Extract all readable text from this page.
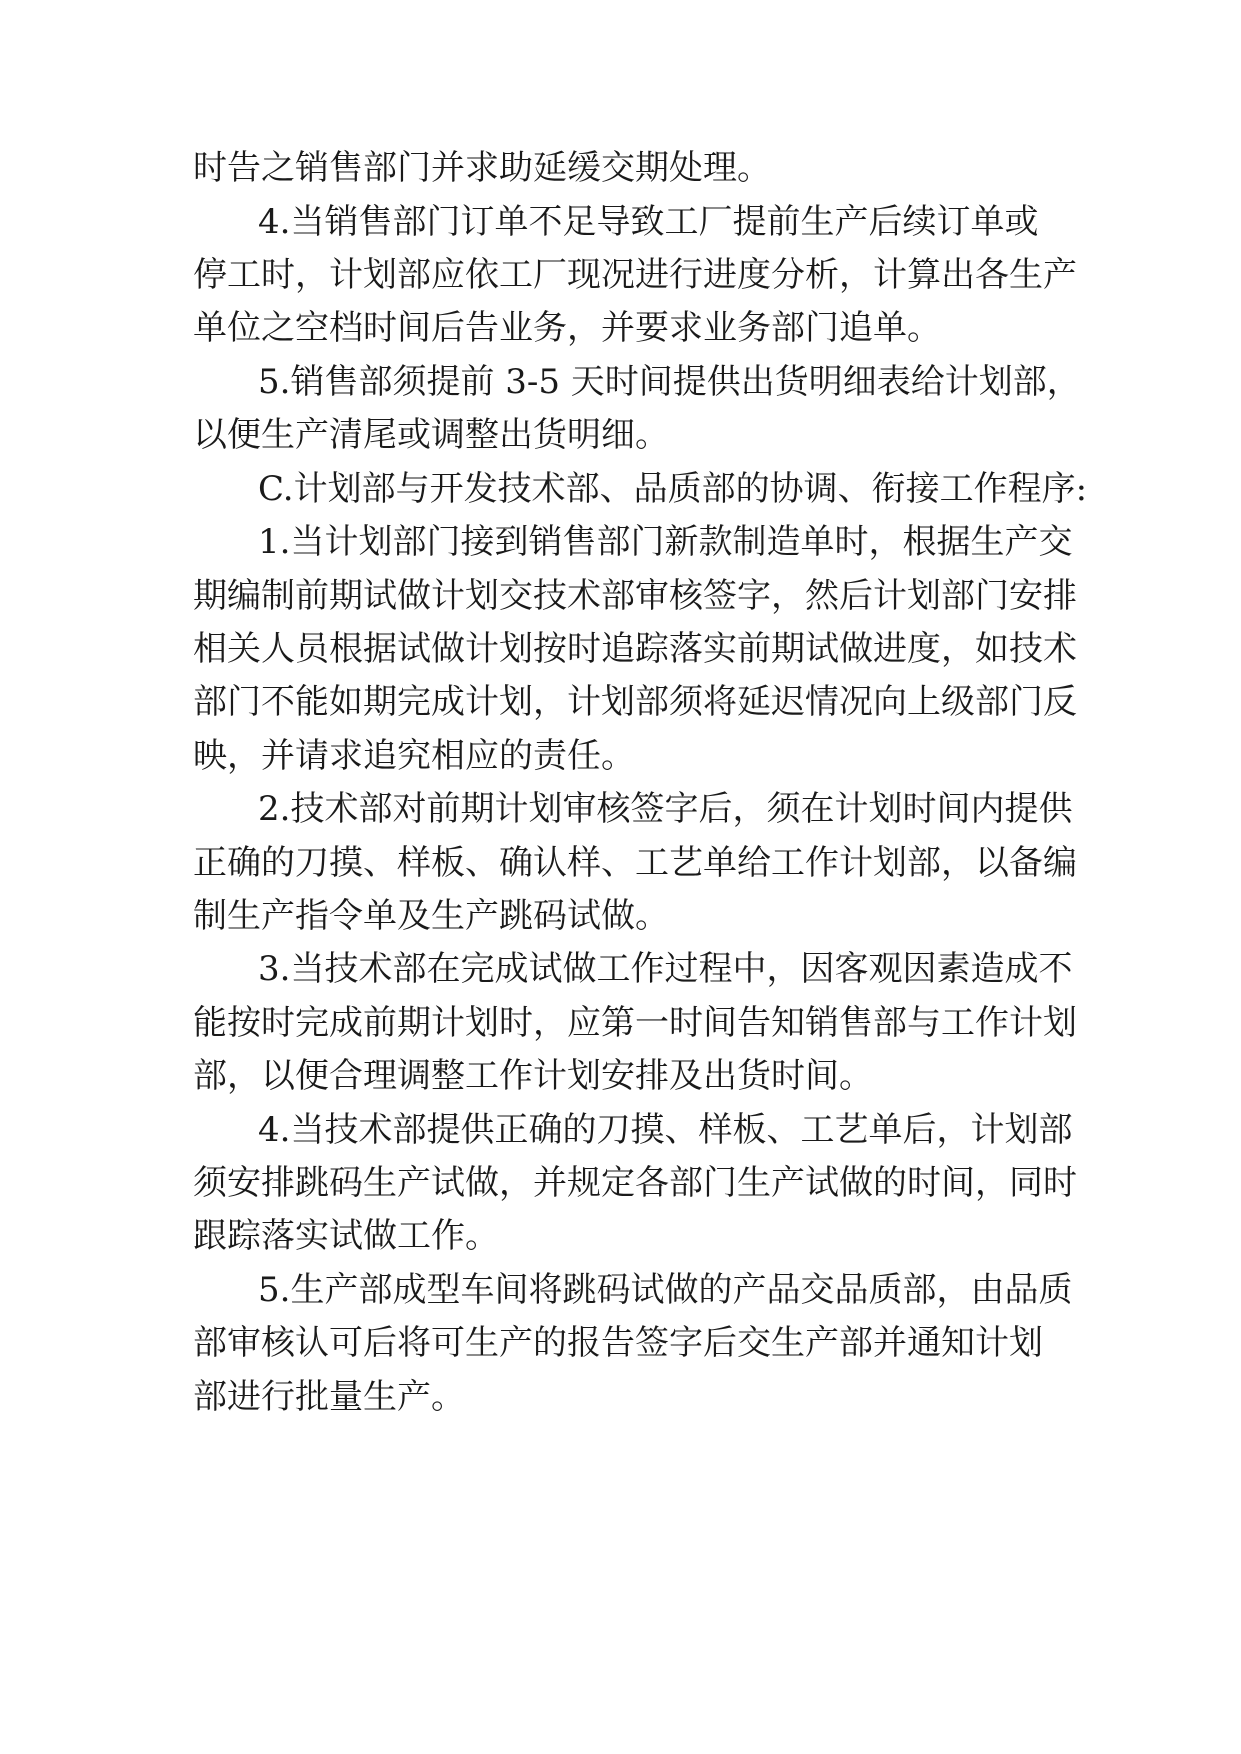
时告之销售部门并求助延缓交期处理。

4.当销售部门订单不足导致工厂提前生产后续订单或

停工时，计划部应依工厂现况进行进度分析，计算出各生产

单位之空档时间后告业务，并要求业务部门追单。

5.销售部须提前 3-5 天时间提供出货明细表给计划部，

以便生产清尾或调整出货明细。

C.计划部与开发技术部、品质部的协调、衔接工作程序:

1.当计划部门接到销售部门新款制造单时，根据生产交

期编制前期试做计划交技术部审核签字，然后计划部门安排

相关人员根据试做计划按时追踪落实前期试做进度，如技术

部门不能如期完成计划，计划部须将延迟情况向上级部门反

映，并请求追究相应的责任。

2.技术部对前期计划审核签字后，须在计划时间内提供

正确的刀摸、样板、确认样、工艺单给工作计划部，以备编

制生产指令单及生产跳码试做。

3.当技术部在完成试做工作过程中，因客观因素造成不

能按时完成前期计划时，应第一时间告知销售部与工作计划

部，以便合理调整工作计划安排及出货时间。

4.当技术部提供正确的刀摸、样板、工艺单后，计划部

须安排跳码生产试做，并规定各部门生产试做的时间，同时

跟踪落实试做工作。

5.生产部成型车间将跳码试做的产品交品质部，由品质

部审核认可后将可生产的报告签字后交生产部并通知计划

部进行批量生产。
